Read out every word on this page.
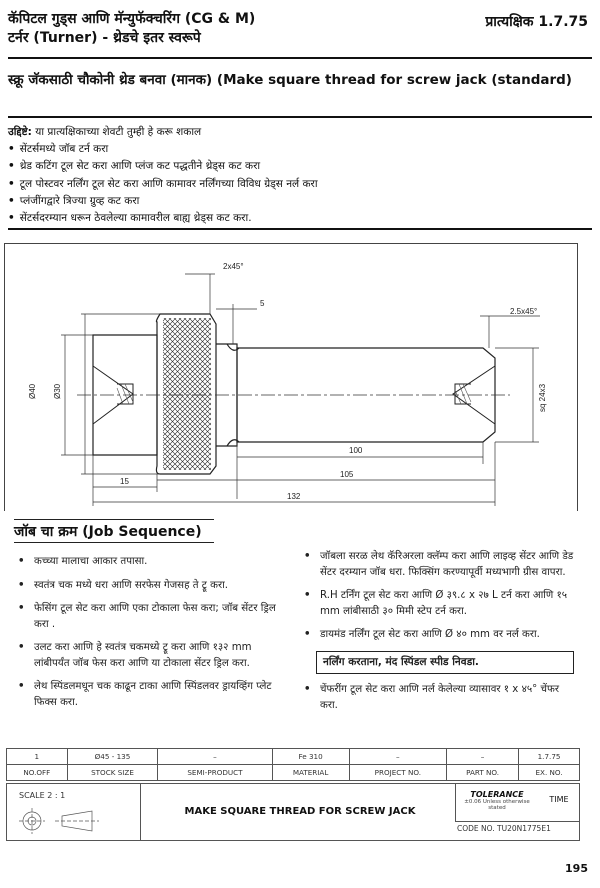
कॅपिटल गुड्स आणि मॅन्युफॅक्चरिंग (CG & M)
टर्नर (Turner) - थ्रेडचे इतर स्वरूपे
प्रात्यक्षिक 1.7.75
स्क्रू जॅकसाठी चौकोनी थ्रेड बनवा (मानक) (Make square thread for screw jack (standard)
उद्दिष्टे: या प्रात्यक्षिकाच्या शेवटी तुम्ही हे करू शकाल
• सेंटर्समध्ये जॉब टर्न करा
• थ्रेड कटिंग टूल सेट करा आणि प्लंज कट पद्धतीने थ्रेड्स कट करा
• टूल पोस्टवर नर्लिंग टूल सेट करा आणि कामावर नर्लिंगच्या विविध ग्रेड्स नर्ल करा
• प्लंजींगद्वारे त्रिज्या ग्रुव्ह कट करा
• सेंटर्सदरम्यान धरून ठेवलेल्या कामावरील बाह्य थ्रेड्स कट करा.
2x45°
5
2.5x45°
Ø40 Ø30	sq 24x3
100
15
105
132
जॉब चा क्रम (Job Sequence)
• कच्च्या मालाचा आकार तपासा.
• स्वतंत्र चक मध्ये धरा आणि सरफेस गेजसह ते ट्रू करा.
• फेसिंग टूल सेट करा आणि एका टोकाला फेस करा; जॉब सेंटर ड्रिल करा .
• उलट करा आणि हे स्वतंत्र चकमध्ये ट्रू करा आणि १३२ mm लांबीपर्यंत जॉब फेस करा आणि या टोकाला सेंटर ड्रिल करा.
• लेथ स्पिंडलमधून चक काढून टाका आणि स्पिंडलवर ड्रायव्हिंग प्लेट फिक्स करा.
• जॉबला सरळ लेथ कॅरिअरला क्लॅम्प करा आणि लाइव्ह सेंटर आणि डेड सेंटर दरम्यान जॉब धरा. फिक्सिंग करण्यापूर्वी मध्यभागी ग्रीस वापरा.
• R.H टर्निंग टूल सेट करा आणि Ø ३९.८ x २७ L टर्न करा आणि १५ mm लांबीसाठी ३० मिमी स्टेप टर्न करा.
• डायमंड नर्लिंग टूल सेट करा आणि Ø ४० mm वर नर्ल करा.
नर्लिंग करताना, मंद स्पिंडल स्पीड निवडा.
• चेंफरींग टूल सेट करा आणि नर्ल केलेल्या व्यासावर १ x ४५° चेंफर करा.
1	Ø45 - 135	–	Fe 310	–	–	1.7.75
NO.OFF	STOCK SIZE	SEMI-PRODUCT	MATERIAL	PROJECT NO.	PART NO.	EX. NO.
SCALE 2 : 1
MAKE SQUARE THREAD FOR SCREW JACK
TOLERANCE
±0.06 Unless otherwise stated
TIME
CODE NO. TU20N1775E1
195
